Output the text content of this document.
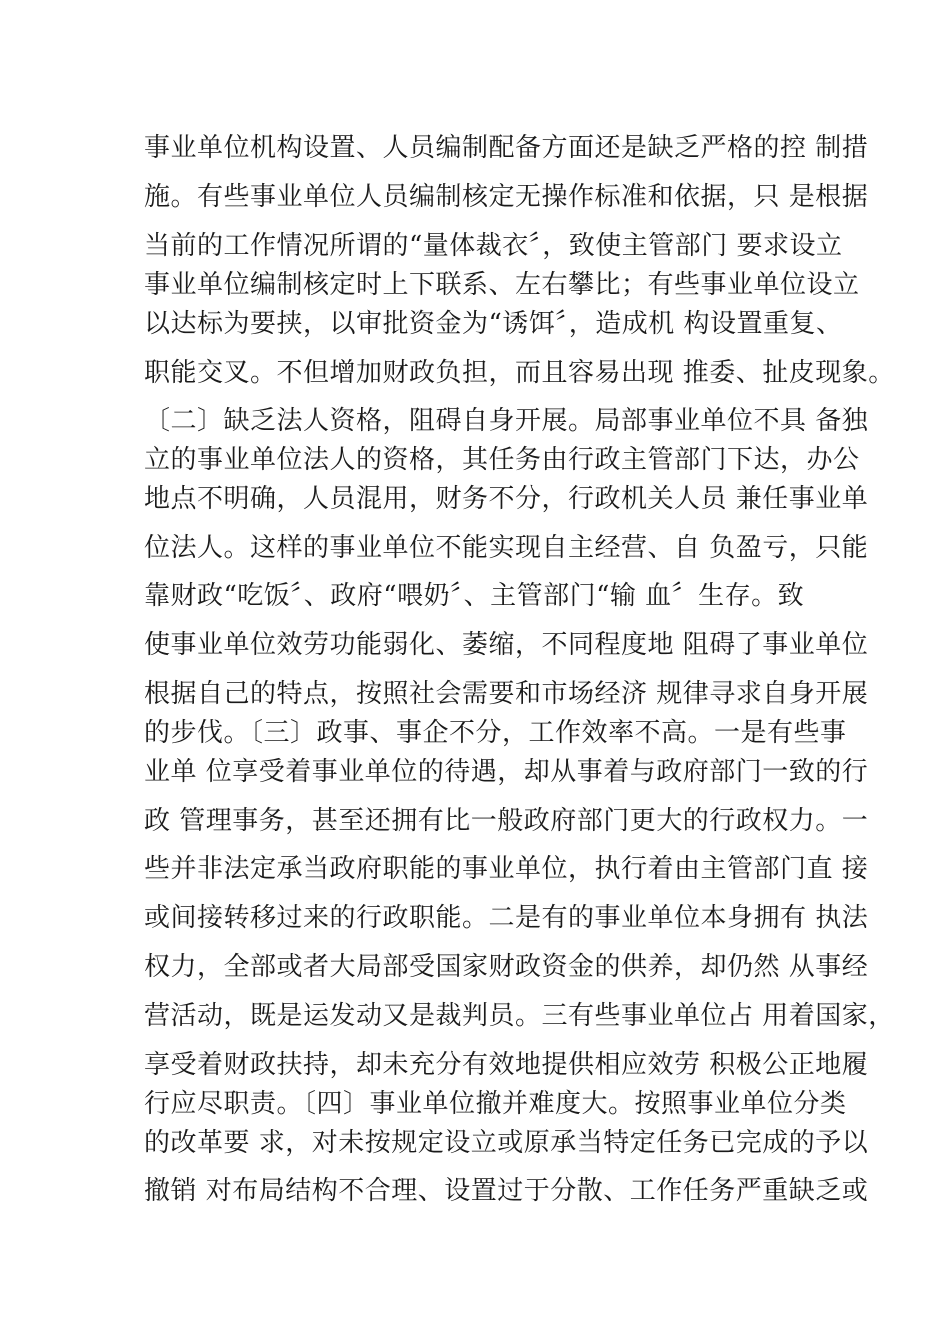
事业单位机构设置、人员编制配备方面还是缺乏严格的控 制措
施。有些事业单位人员编制核定无操作标准和依据，只 是根据
当前的工作情况所谓的“量体裁衣〞，致使主管部门 要求设立
事业单位编制核定时上下联系、左右攀比；有些事业单位设立
以达标为要挟，以审批资金为“诱饵〞，造成机 构设置重复、
职能交叉。不但增加财政负担，而且容易出现 推委、扯皮现象。
〔二〕缺乏法人资格，阻碍自身开展。局部事业单位不具 备独
立的事业单位法人的资格，其任务由行政主管部门下达，办公
地点不明确，人员混用，财务不分，行政机关人员 兼任事业单
位法人。这样的事业单位不能实现自主经营、自 负盈亏，只能
靠财政“吃饭〞、政府“喂奶〞、主管部门“输 血〞生存。致
使事业单位效劳功能弱化、萎缩，不同程度地 阻碍了事业单位
根据自己的特点，按照社会需要和市场经济 规律寻求自身开展
的步伐。〔三〕政事、事企不分，工作效率不高。一是有些事
业单 位享受着事业单位的待遇，却从事着与政府部门一致的行
政 管理事务，甚至还拥有比一般政府部门更大的行政权力。一
些并非法定承当政府职能的事业单位，执行着由主管部门直 接
或间接转移过来的行政职能。二是有的事业单位本身拥有 执法
权力，全部或者大局部受国家财政资金的供养，却仍然 从事经
营活动，既是运发动又是裁判员。三有些事业单位占 用着国家，
享受着财政扶持，却未充分有效地提供相应效劳 积极公正地履
行应尽职责。〔四〕事业单位撤并难度大。按照事业单位分类
的改革要 求，对未按规定设立或原承当特定任务已完成的予以
撤销 对布局结构不合理、设置过于分散、工作任务严重缺乏或
